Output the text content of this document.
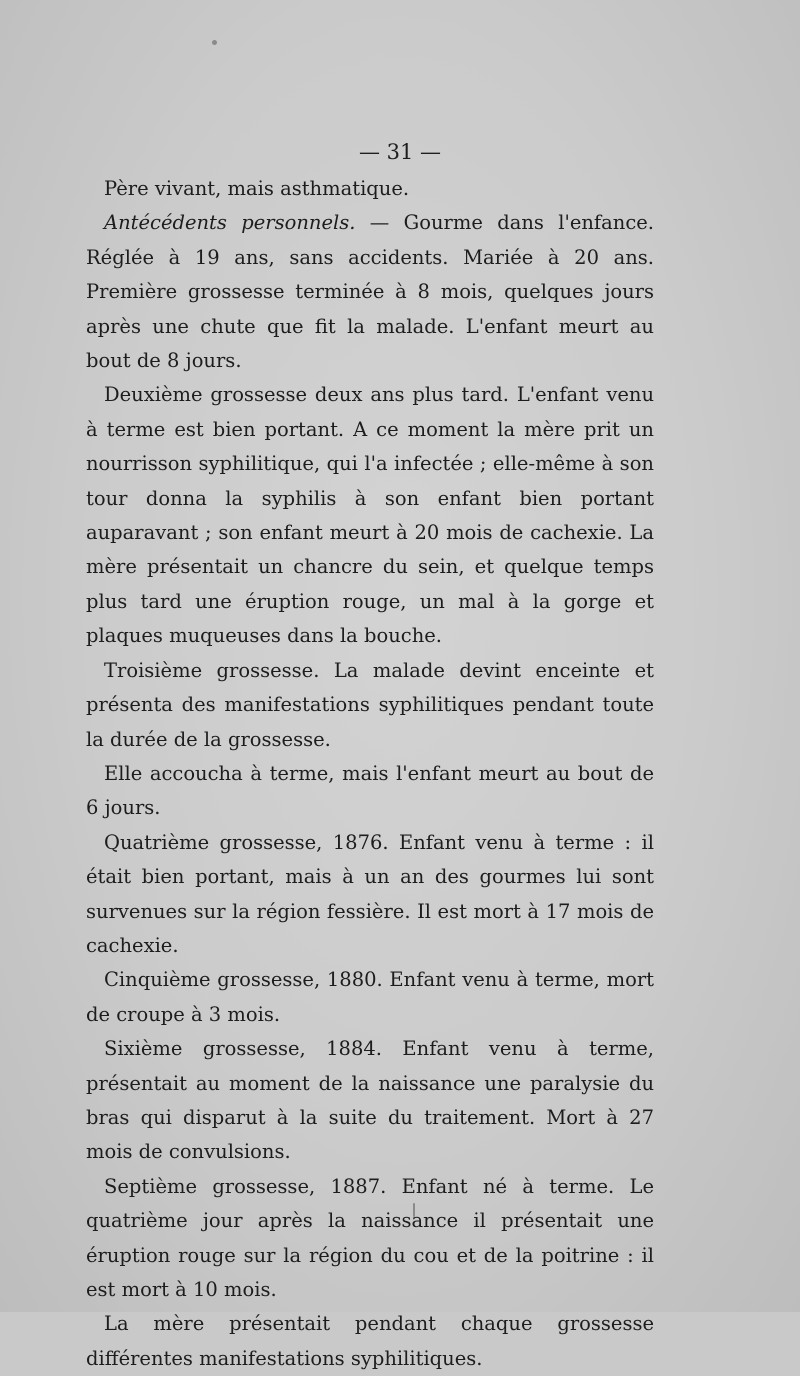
— 31 —

Père vivant, mais asthmatique.

Antécédents personnels. — Gourme dans l'enfance. Réglée à 19 ans, sans accidents. Mariée à 20 ans. Première grossesse terminée à 8 mois, quelques jours après une chute que fit la malade. L'enfant meurt au bout de 8 jours.

Deuxième grossesse deux ans plus tard. L'enfant venu à terme est bien portant. A ce moment la mère prit un nourrisson syphilitique, qui l'a infectée ; elle-même à son tour donna la syphilis à son enfant bien portant auparavant ; son enfant meurt à 20 mois de cachexie. La mère présentait un chancre du sein, et quelque temps plus tard une éruption rouge, un mal à la gorge et plaques muqueuses dans la bouche.

Troisième grossesse. La malade devint enceinte et présenta des manifestations syphilitiques pendant toute la durée de la grossesse.

Elle accoucha à terme, mais l'enfant meurt au bout de 6 jours.

Quatrième grossesse, 1876. Enfant venu à terme : il était bien portant, mais à un an des gourmes lui sont survenues sur la région fessière. Il est mort à 17 mois de cachexie.

Cinquième grossesse, 1880. Enfant venu à terme, mort de croupe à 3 mois.

Sixième grossesse, 1884. Enfant venu à terme, présentait au moment de la naissance une paralysie du bras qui disparut à la suite du traitement. Mort à 27 mois de convulsions.

Septième grossesse, 1887. Enfant né à terme. Le quatrième jour après la naissance il présentait une éruption rouge sur la région du cou et de la poitrine : il est mort à 10 mois.

La mère présentait pendant chaque grossesse différentes manifestations syphilitiques.
